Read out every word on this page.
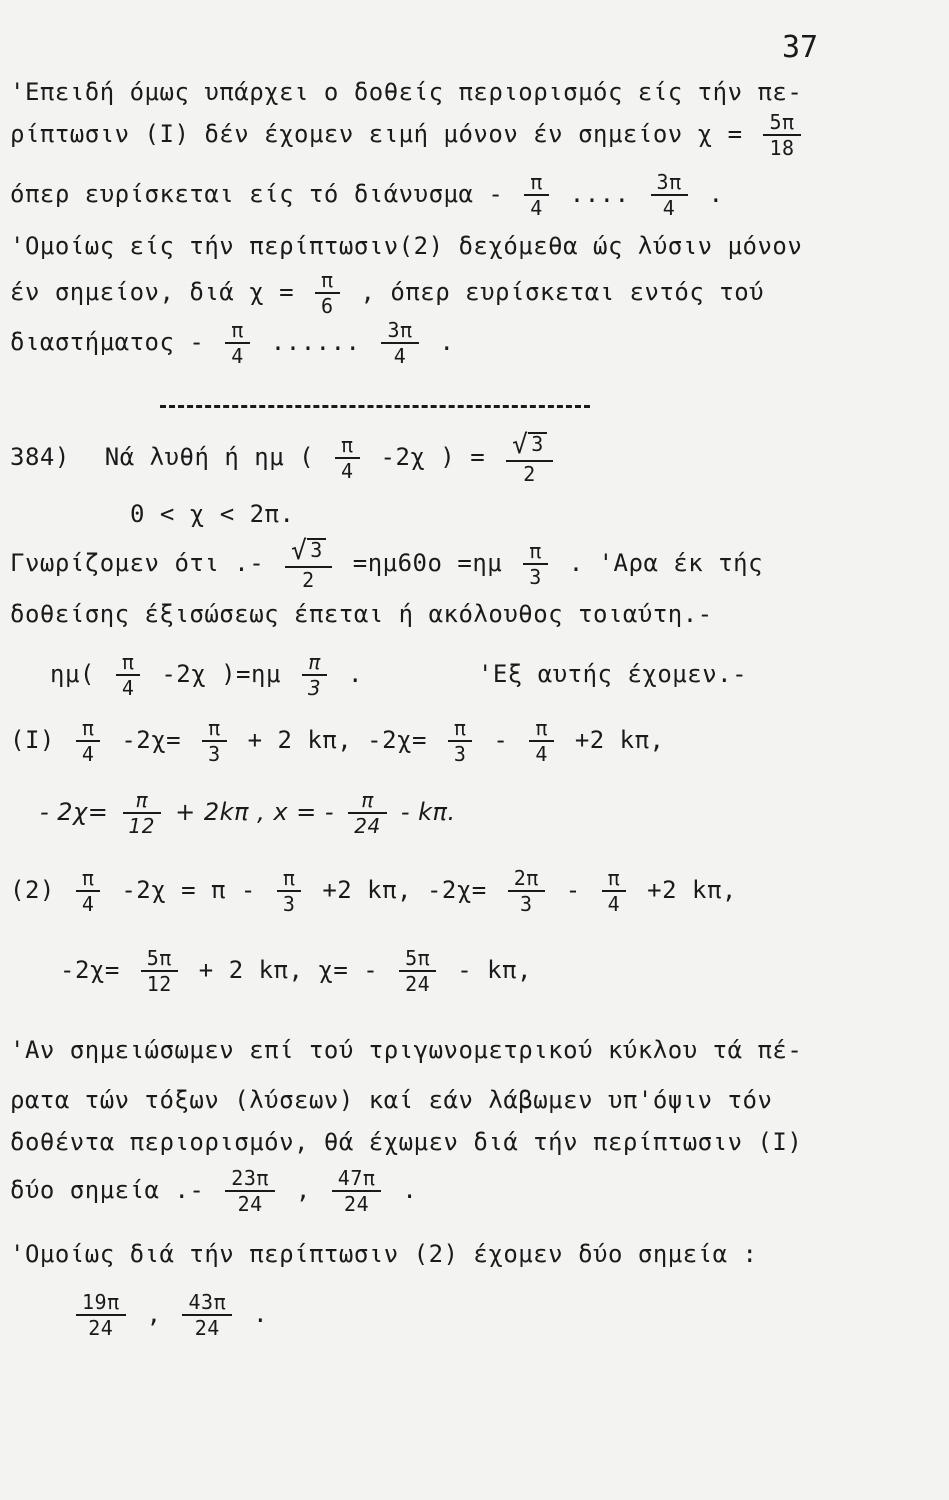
37
'Επειδή όμως υπάρχει ο δοθείς περιορισμός είς τήν πε-
ρίπτωσιν (Ι) δέν έχομεν ειμή μόνον έν σημείον $\chi = \frac{5\pi}{18}$
όπερ ευρίσκεται είς τό διάνυσμα - $\frac{\pi}{4}$ .... $\frac{3\pi}{4}$ .
'Ομοίως είς τήν περίπτωσιν(2) δεχόμεθα ώς λύσιν μόνον
έν σημείον, διά $\chi = \frac{\pi}{6}$ , όπερ ευρίσκεται εντός τού
διαστήματος - $\frac{\pi}{4}$ ...... $\frac{3\pi}{4}$ .
384) Νά λυθή ή ημ ( $\frac{\pi}{4} -2\chi$ ) = $\frac{√ 3}{2}$
0 < χ < 2π.
Γνωρίζομεν ότι .- $\frac{√ 3}{2} =\eta\mu 60o =\eta\mu \frac{\pi}{3}$ . 'Αρα έκ τής
δοθείσης έξισώσεως έπεται ή ακόλουθος τοιαύτη.-
$\eta\mu( \frac{\pi}{4} -2\chi$ )$=\eta\mu \frac{\pi}{3}$ .	'Εξ αυτής έχομεν.-
$(I) \frac{\pi}{4} -2\chi= \frac{\pi}{3} + 2$ kπ, $-2\chi= \frac{\pi}{3} - \frac{\pi}{4} +2$ kπ,
- $2\chi= \frac{\pi}{12} + 2k\pi$ , x = - $\frac{\pi}{24}$ - kπ.
$(2) \frac{\pi}{4} -2\chi = \pi - \frac{\pi}{3} +2$ kπ, $-2\chi= \frac{2\pi}{3} - \frac{\pi}{4} +2$ kπ,
$-2\chi= \frac{5\pi}{12} + 2$ kπ, $\chi= - \frac{5\pi}{24} - k\pi$,
'Αν σημειώσωμεν επί τού τριγωνομετρικού κύκλου τά πέ-
ρατα τών τόξων (λύσεων) καί εάν λάβωμεν υπ'όψιν τόν
δοθέντα περιορισμόν, θά έχωμεν διά τήν περίπτωσιν (Ι)
δύο σημεία .- $\frac{23\pi}{24}$ , $\frac{47\pi}{24}$ .
'Ομοίως διά τήν περίπτωσιν (2) έχομεν δύο σημεία :
$\frac{19\pi}{24}$ , $\frac{43\pi}{24}$ .
